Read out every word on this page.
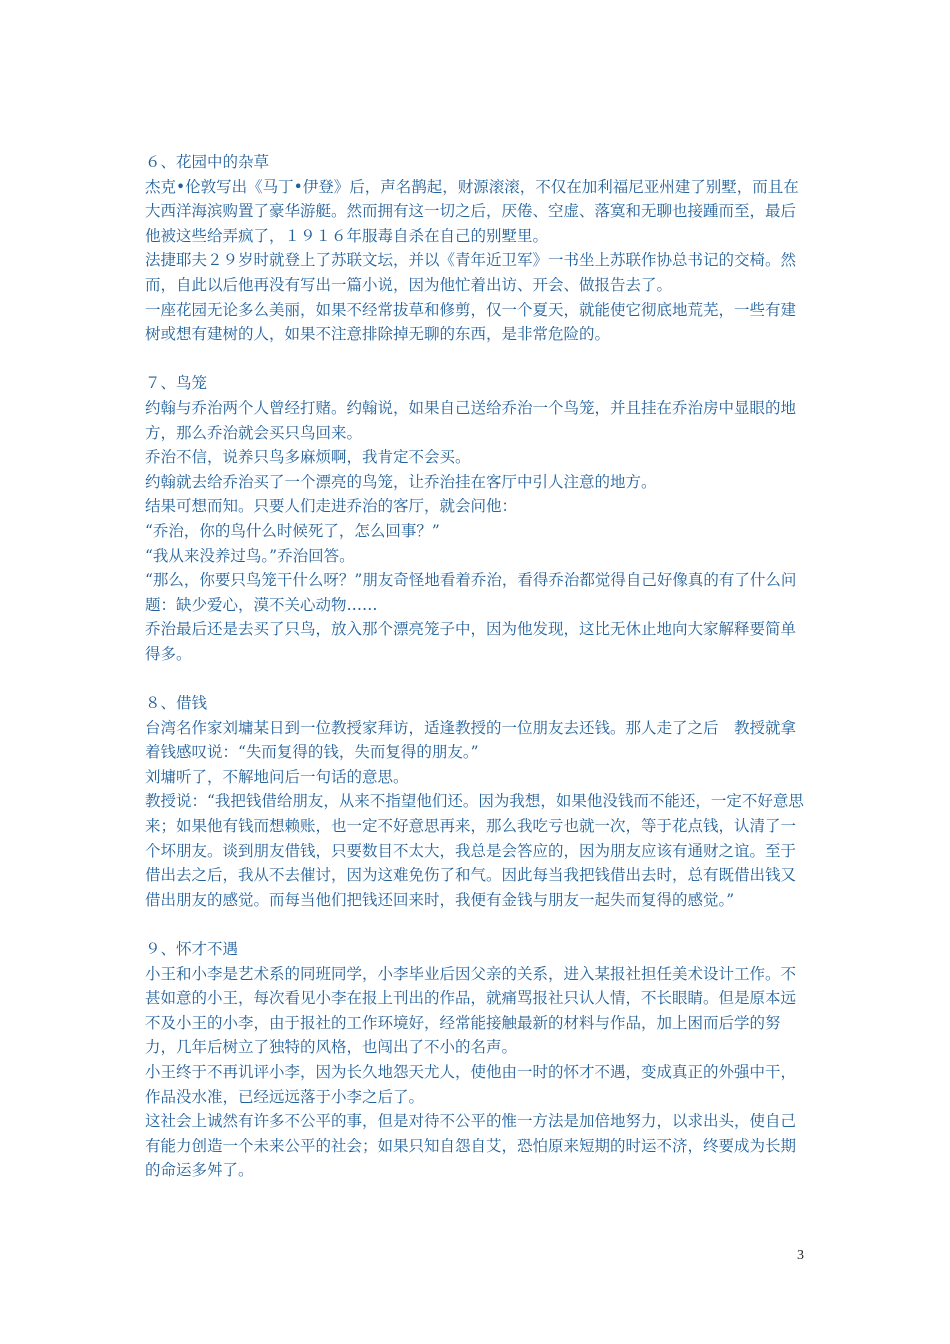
６、花园中的杂草

杰克•伦敦写出《马丁•伊登》后，声名鹊起，财源滚滚，不仅在加利福尼亚州建了别墅，而且在大西洋海滨购置了豪华游艇。然而拥有这一切之后，厌倦、空虚、落寞和无聊也接踵而至，最后他被这些给弄疯了，１９１６年服毒自杀在自己的别墅里。

法捷耶夫２９岁时就登上了苏联文坛，并以《青年近卫军》一书坐上苏联作协总书记的交椅。然而，自此以后他再没有写出一篇小说，因为他忙着出访、开会、做报告去了。

一座花园无论多么美丽，如果不经常拔草和修剪，仅一个夏天，就能使它彻底地荒芜，一些有建树或想有建树的人，如果不注意排除掉无聊的东西，是非常危险的。

７、鸟笼

约翰与乔治两个人曾经打赌。约翰说，如果自己送给乔治一个鸟笼，并且挂在乔治房中显眼的地方，那么乔治就会买只鸟回来。

乔治不信，说养只鸟多麻烦啊，我肯定不会买。

约翰就去给乔治买了一个漂亮的鸟笼，让乔治挂在客厅中引人注意的地方。

结果可想而知。只要人们走进乔治的客厅，就会问他：

“乔治，你的鸟什么时候死了，怎么回事？”

“我从来没养过鸟。”乔治回答。

“那么，你要只鸟笼干什么呀？”朋友奇怪地看着乔治，看得乔治都觉得自己好像真的有了什么问题：缺少爱心，漠不关心动物……

乔治最后还是去买了只鸟，放入那个漂亮笼子中，因为他发现，这比无休止地向大家解释要简单得多。

８、借钱

台湾名作家刘墉某日到一位教授家拜访，适逢教授的一位朋友去还钱。那人走了之后　教授就拿着钱感叹说：“失而复得的钱，失而复得的朋友。”

刘墉听了，不解地问后一句话的意思。

教授说：“我把钱借给朋友，从来不指望他们还。因为我想，如果他没钱而不能还，一定不好意思来；如果他有钱而想赖账，也一定不好意思再来，那么我吃亏也就一次，等于花点钱，认清了一个坏朋友。谈到朋友借钱，只要数目不太大，我总是会答应的，因为朋友应该有通财之谊。至于借出去之后，我从不去催讨，因为这难免伤了和气。因此每当我把钱借出去时，总有既借出钱又借出朋友的感觉。而每当他们把钱还回来时，我便有金钱与朋友一起失而复得的感觉。”

９、怀才不遇

小王和小李是艺术系的同班同学，小李毕业后因父亲的关系，进入某报社担任美术设计工作。不甚如意的小王，每次看见小李在报上刊出的作品，就痛骂报社只认人情，不长眼睛。但是原本远不及小王的小李，由于报社的工作环境好，经常能接触最新的材料与作品，加上困而后学的努力，几年后树立了独特的风格，也闯出了不小的名声。

小王终于不再讥评小李，因为长久地怨天尤人，使他由一时的怀才不遇，变成真正的外强中干，作品没水准，已经远远落于小李之后了。

这社会上诚然有许多不公平的事，但是对待不公平的惟一方法是加倍地努力，以求出头，使自己有能力创造一个未来公平的社会；如果只知自怨自艾，恐怕原来短期的时运不济，终要成为长期的命运多舛了。

3
